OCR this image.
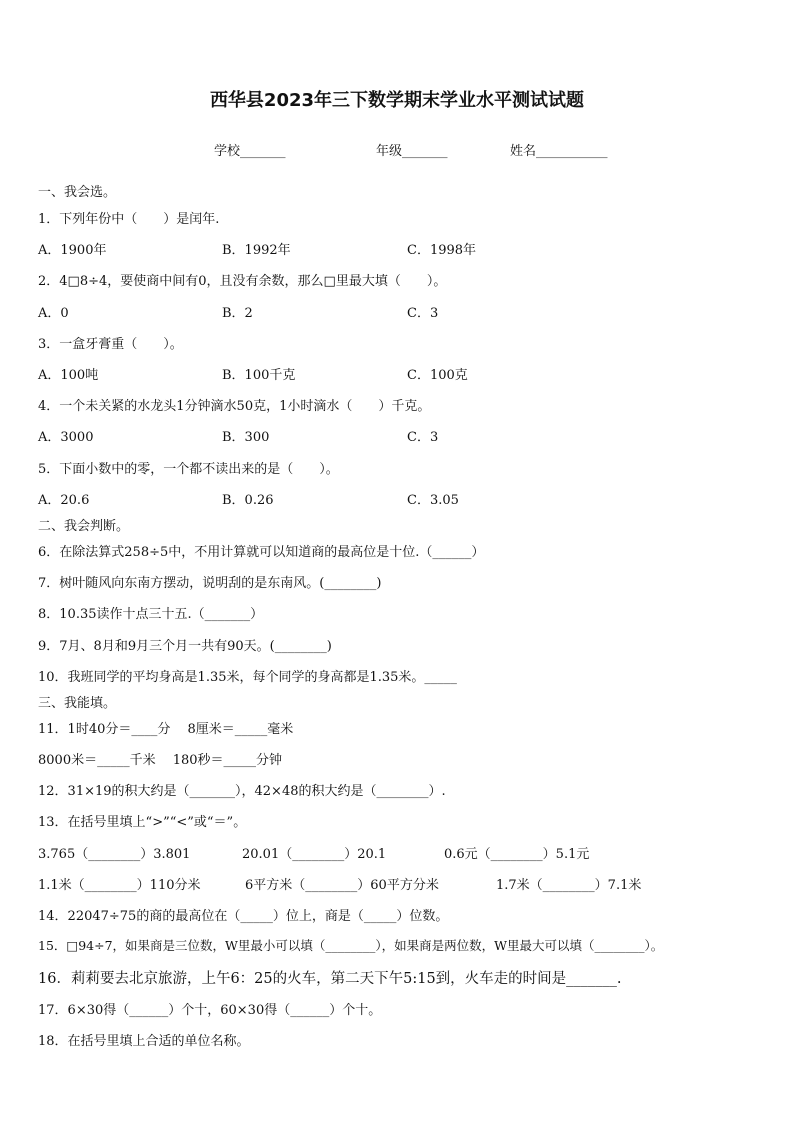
西华县2023年三下数学期末学业水平测试试题
学校_______	年级_______	姓名___________
一、我会选。
1．下列年份中（　　）是闰年.
A．1900年	B．1992年	C．1998年
2．4□8÷4，要使商中间有0，且没有余数，那么□里最大填（　　）。
A．0	B．2	C．3
3．一盒牙膏重（　　）。
A．100吨	B．100千克	C．100克
4．一个未关紧的水龙头1分钟滴水50克，1小时滴水（　　）千克。
A．3000	B．300	C．3
5．下面小数中的零，一个都不读出来的是（　　）。
A．20.6	B．0.26	C．3.05
二、我会判断。
6．在除法算式258÷5中，不用计算就可以知道商的最高位是十位.（______）
7．树叶随风向东南方摆动，说明刮的是东南风。(________)
8．10.35读作十点三十五.（_______）
9．7月、8月和9月三个月一共有90天。(________)
10．我班同学的平均身高是1.35米，每个同学的身高都是1.35米。_____
三、我能填。
11．1时40分＝____分　 8厘米＝_____毫米
8000米＝_____千米　 180秒＝_____分钟
12．31×19的积大约是（_______），42×48的积大约是（________）.
13．在括号里填上“>”“<”或“＝”。
3.765（________）3.801	20.01（________）20.1	0.6元（________）5.1元
1.1米（________）110分米	6平方米（________）60平方分米	1.7米（________）7.1米
14．22047÷75的商的最高位在（_____）位上，商是（_____）位数。
15．□94÷7，如果商是三位数，W里最小可以填（________），如果商是两位数，W里最大可以填（________）。
16．莉莉要去北京旅游，上午6：25的火车，第二天下午5:15到，火车走的时间是_______.
17．6×30得（______）个十，60×30得（______）个十。
18．在括号里填上合适的单位名称。
